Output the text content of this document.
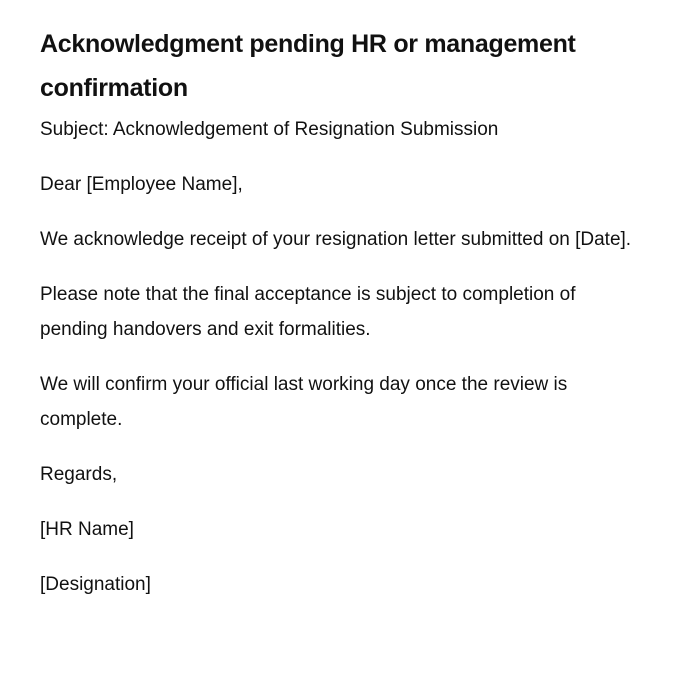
Acknowledgment pending HR or management confirmation

Subject: Acknowledgement of Resignation Submission

Dear [Employee Name],

We acknowledge receipt of your resignation letter submitted on [Date].

Please note that the final acceptance is subject to completion of pending handovers and exit formalities.

We will confirm your official last working day once the review is complete.

Regards,

[HR Name]

[Designation]
